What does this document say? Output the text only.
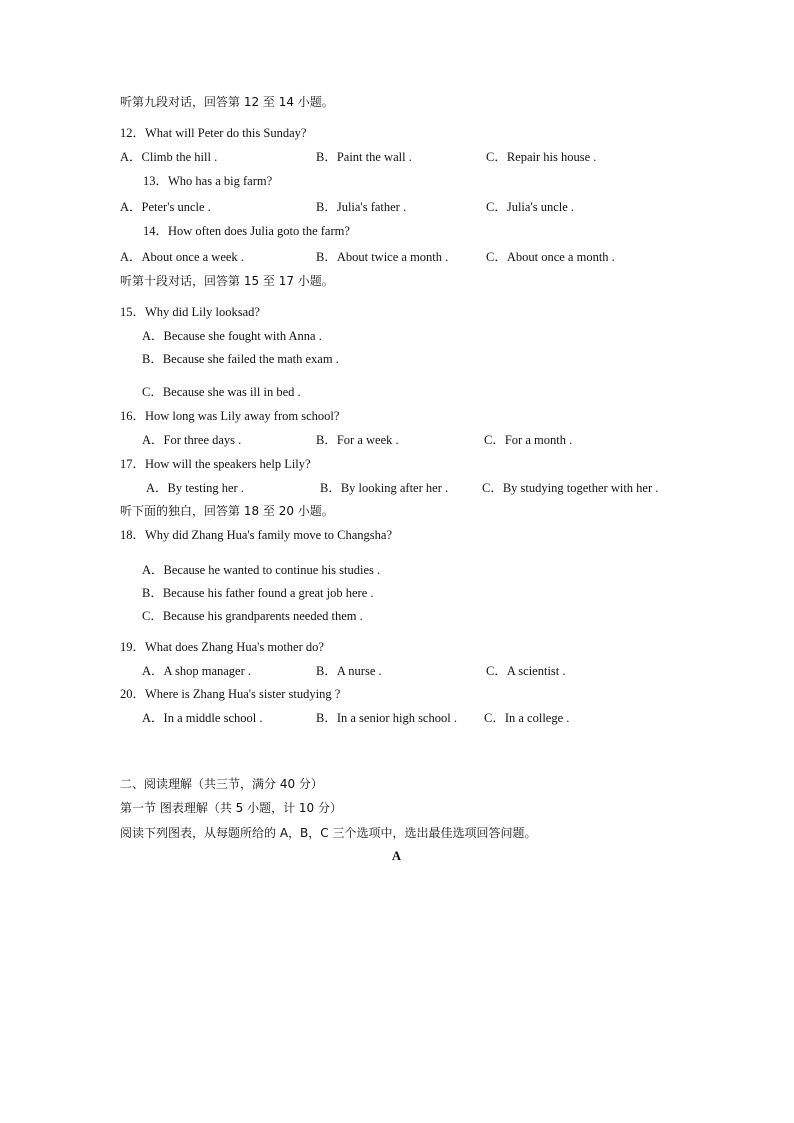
听第九段对话，回答第 12 至 14 小题。
12．What will Peter do this Sunday?
A．Climb the hill .	B．Paint the wall .	C．Repair his house .
13．Who has a big farm?
A．Peter's uncle .	B．Julia's father .	C．Julia's uncle .
14．How often does Julia goto the farm?
A．About once a week .	B．About twice a month .	C．About once a month .
听第十段对话，回答第 15 至 17 小题。
15．Why did Lily looksad?
A．Because she fought with Anna .
B．Because she failed the math exam .
C．Because she was ill in bed .
16．How long was Lily away from school?
A．For three days .	B．For a week .	C．For a month .
17．How will the speakers help Lily?
A．By testing her .	B．By looking after her .	C．By studying together with her .
听下面的独白，回答第 18 至 20 小题。
18．Why did Zhang Hua's family move to Changsha?
A．Because he wanted to continue his studies .
B．Because his father found a great job here .
C．Because his grandparents needed them .
19．What does Zhang Hua's mother do?
A．A shop manager .	B．A nurse .	C．A scientist .
20．Where is Zhang Hua's sister studying ?
A．In a middle school .	B．In a senior high school . C．In a college .
二、阅读理解（共三节，满分 40 分）
第一节 图表理解（共 5 小题，计 10 分）
阅读下列图表，从每题所给的 A，B，C 三个选项中，选出最佳选项回答问题。
A
